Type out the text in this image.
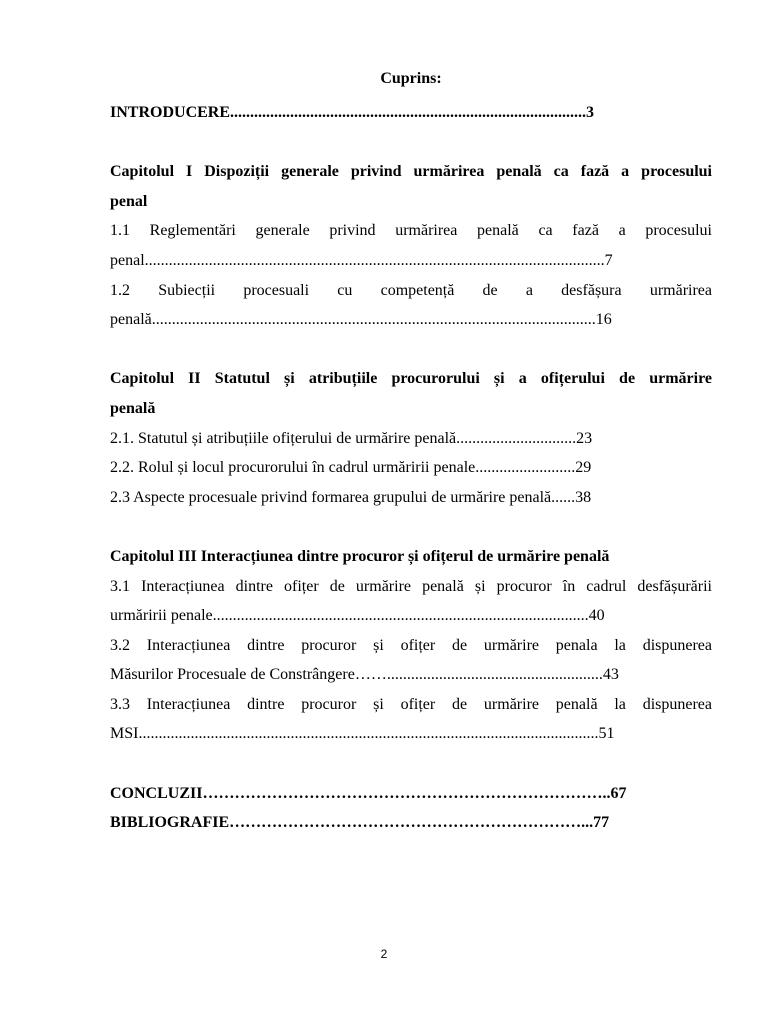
Cuprins:
INTRODUCERE.........................................................................................3
Capitolul I Dispoziții generale privind urmărirea penală ca fază a procesului
penal
1.1 Reglementări generale privind urmărirea penală ca fază a procesului
penal...................................................................................................................7
1.2 Subiecții procesuali cu competență de a desfășura urmărirea
penală...............................................................................................................16
Capitolul II Statutul și atribuțiile procurorului și a ofițerului de urmărire
penală
2.1. Statutul și atribuțiile ofițerului de urmărire penală..............................23
2.2. Rolul și locul procurorului în cadrul urmăririi penale.........................29
2.3 Aspecte procesuale privind formarea grupului de urmărire penală......38
Capitolul III Interacțiunea dintre procuror și ofițerul de urmărire penală
3.1 Interacțiunea dintre ofițer de urmărire penală și procuror în cadrul desfășurării
urmăririi penale..............................................................................................40
3.2 Interacțiunea dintre procuror și ofițer de urmărire penala la dispunerea
Măsurilor Procesuale de Constrângere……......................................................43
3.3 Interacțiunea dintre procuror și ofițer de urmărire penală la dispunerea
MSI...................................................................................................................51
CONCLUZII…………………………………………………………………..67
BIBLIOGRAFIE…………………………………………………………...77
2
